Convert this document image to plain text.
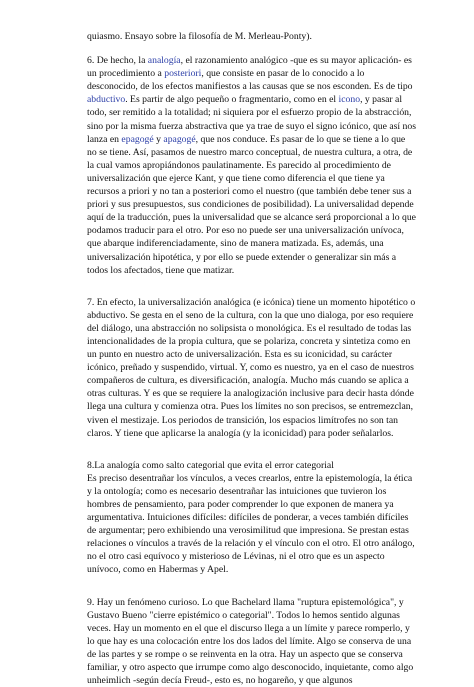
quiasmo. Ensayo sobre la filosofía de M. Merleau-Ponty).

6. De hecho, la analogía, el razonamiento analógico -que es su mayor aplicación- es un procedimiento a posteriori, que consiste en pasar de lo conocido a lo desconocido, de los efectos manifiestos a las causas que se nos esconden. Es de tipo abductivo. Es partir de algo pequeño o fragmentario, como en el icono, y pasar al todo, ser remitido a la totalidad; ni siquiera por el esfuerzo propio de la abstracción, sino por la misma fuerza abstractiva que ya trae de suyo el signo icónico, que así nos lanza en epagogé y apagogé, que nos conduce. Es pasar de lo que se tiene a lo que no se tiene. Así, pasamos de nuestro marco conceptual, de nuestra cultura, a otra, de la cual vamos apropiándonos paulatinamente. Es parecido al procedimiento de universalización que ejerce Kant, y que tiene como diferencia el que tiene ya recursos a priori y no tan a posteriori como el nuestro (que también debe tener sus a priori y sus presupuestos, sus condiciones de posibilidad). La universalidad depende aquí de la traducción, pues la universalidad que se alcance será proporcional a lo que podamos traducir para el otro. Por eso no puede ser una universalización unívoca, que abarque indiferenciadamente, sino de manera matizada. Es, además, una universalización hipotética, y por ello se puede extender o generalizar sin más a todos los afectados, tiene que matizar.

7. En efecto, la universalización analógica (e icónica) tiene un momento hipotético o abductivo. Se gesta en el seno de la cultura, con la que uno dialoga, por eso requiere del diálogo, una abstracción no solipsista o monológica. Es el resultado de todas las intencionalidades de la propia cultura, que se polariza, concreta y sintetiza como en un punto en nuestro acto de universalización. Esta es su iconicidad, su carácter icónico, preñado y suspendido, virtual. Y, como es nuestro, ya en el caso de nuestros compañeros de cultura, es diversificación, analogía. Mucho más cuando se aplica a otras culturas. Y es que se requiere la analogización inclusive para decir hasta dónde llega una cultura y comienza otra. Pues los límites no son precisos, se entremezclan, viven el mestizaje. Los periodos de transición, los espacios limítrofes no son tan claros. Y tiene que aplicarse la analogía (y la iconicidad) para poder señalarlos.

8.La analogía como salto categorial que evita el error categorial
Es preciso desentrañar los vínculos, a veces crearlos, entre la epistemología, la ética y la ontología; como es necesario desentrañar las intuiciones que tuvieron los hombres de pensamiento, para poder comprender lo que exponen de manera ya argumentativa. Intuiciones difíciles: difíciles de ponderar, a veces también difíciles de argumentar; pero exhibiendo una verosimilitud que impresiona. Se prestan estas relaciones o vínculos a través de la relación y el vínculo con el otro. El otro análogo, no el otro casi equívoco y misterioso de Lévinas, ni el otro que es un aspecto unívoco, como en Habermas y Apel.

9. Hay un fenómeno curioso. Lo que Bachelard llama "ruptura epistemológica", y Gustavo Bueno "cierre epistémico o categorial". Todos lo hemos sentido algunas veces. Hay un momento en el que el discurso llega a un límite y parece romperlo, y lo que hay es una colocación entre los dos lados del límite. Algo se conserva de una de las partes y se rompe o se reinventa en la otra. Hay un aspecto que se conserva familiar, y otro aspecto que irrumpe como algo desconocido, inquietante, como algo unheimlich -según decía Freud-, esto es, no hogareño, y que algunos
